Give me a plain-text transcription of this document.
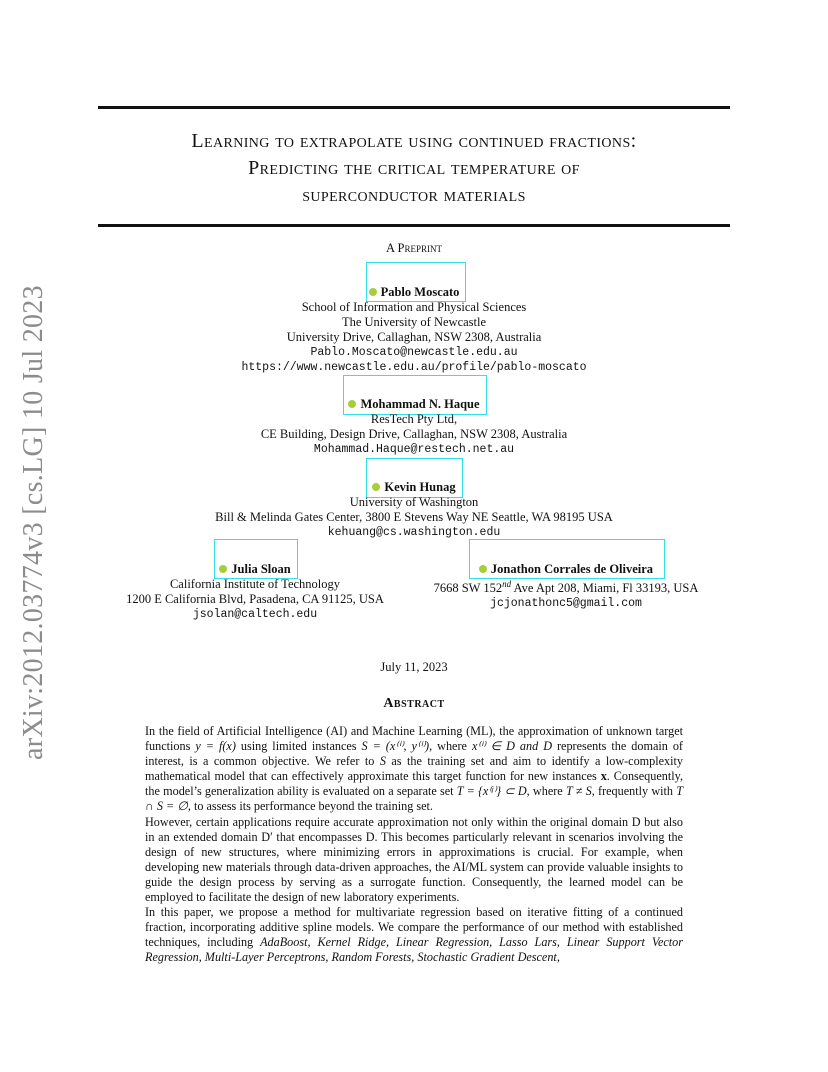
arXiv:2012.03774v3 [cs.LG] 10 Jul 2023
Learning to extrapolate using continued fractions:
Predicting the critical temperature of
superconductor materials
A Preprint
Pablo Moscato
School of Information and Physical Sciences
The University of Newcastle
University Drive, Callaghan, NSW 2308, Australia
Pablo.Moscato@newcastle.edu.au
https://www.newcastle.edu.au/profile/pablo-moscato
Mohammad N. Haque
ResTech Pty Ltd,
CE Building, Design Drive, Callaghan, NSW 2308, Australia
Mohammad.Haque@restech.net.au
Kevin Hunag
University of Washington
Bill & Melinda Gates Center, 3800 E Stevens Way NE Seattle, WA 98195 USA
kehuang@cs.washington.edu
Julia Sloan
California Institute of Technology
1200 E California Blvd, Pasadena, CA 91125, USA
jsolan@caltech.edu
Jonathon Corrales de Oliveira
7668 SW 152nd Ave Apt 208, Miami, Fl 33193, USA
jcjonathonc5@gmail.com
July 11, 2023
Abstract

In the field of Artificial Intelligence (AI) and Machine Learning (ML), the approximation of unknown target functions y = f(x) using limited instances S = (x⁽ⁱ⁾, y⁽ⁱ⁾), where x⁽ⁱ⁾ ∈ D and D represents the domain of interest, is a common objective. We refer to S as the training set and aim to identify a low-complexity mathematical model that can effectively approximate this target function for new instances x. Consequently, the model’s generalization ability is evaluated on a separate set T = {x⁽ʲ⁾} ⊂ D, where T ≠ S, frequently with T ∩ S = ∅, to assess its performance beyond the training set.

However, certain applications require accurate approximation not only within the original domain D but also in an extended domain D′ that encompasses D. This becomes particularly relevant in scenarios involving the design of new structures, where minimizing errors in approximations is crucial. For example, when developing new materials through data-driven approaches, the AI/ML system can provide valuable insights to guide the design process by serving as a surrogate function. Consequently, the learned model can be employed to facilitate the design of new laboratory experiments.

In this paper, we propose a method for multivariate regression based on iterative fitting of a continued fraction, incorporating additive spline models. We compare the performance of our method with established techniques, including AdaBoost, Kernel Ridge, Linear Regression, Lasso Lars, Linear Support Vector Regression, Multi-Layer Perceptrons, Random Forests, Stochastic Gradient Descent,
